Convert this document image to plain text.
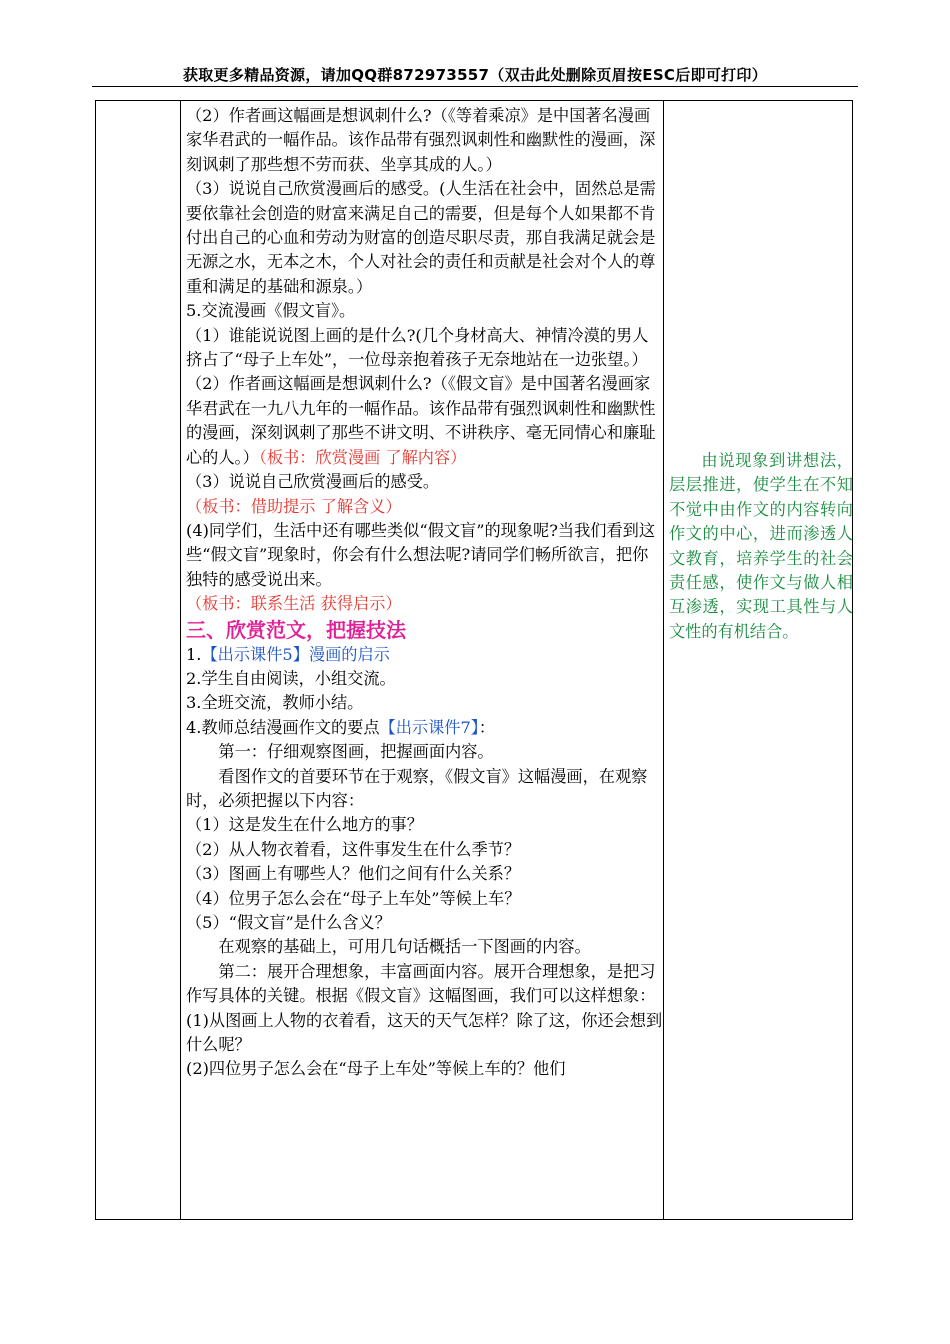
获取更多精品资源，请加QQ群872973557（双击此处删除页眉按ESC后即可打印）

（2）作者画这幅画是想讽刺什么?（《等着乘凉》是中国著名漫画家华君武的一幅作品。该作品带有强烈讽刺性和幽默性的漫画，深刻讽刺了那些想不劳而获、坐享其成的人。）

（3）说说自己欣赏漫画后的感受。(人生活在社会中，固然总是需要依靠社会创造的财富来满足自己的需要，但是每个人如果都不肯付出自己的心血和劳动为财富的创造尽职尽责，那自我满足就会是无源之水，无本之木，个人对社会的责任和贡献是社会对个人的尊重和满足的基础和源泉。）

5.交流漫画《假文盲》。

（1）谁能说说图上画的是什么?(几个身材高大、神情冷漠的男人挤占了“母子上车处”，一位母亲抱着孩子无奈地站在一边张望。）

（2）作者画这幅画是想讽刺什么?（《假文盲》是中国著名漫画家华君武在一九八九年的一幅作品。该作品带有强烈讽刺性和幽默性的漫画，深刻讽刺了那些不讲文明、不讲秩序、毫无同情心和廉耻心的人。）（板书：欣赏漫画 了解内容）

（3）说说自己欣赏漫画后的感受。

（板书：借助提示 了解含义）

(4)同学们，生活中还有哪些类似“假文盲”的现象呢?当我们看到这些“假文盲”现象时，你会有什么想法呢?请同学们畅所欲言，把你独特的感受说出来。

（板书：联系生活 获得启示）

三、欣赏范文，把握技法

1.【出示课件5】漫画的启示

2.学生自由阅读，小组交流。

3.全班交流，教师小结。

4.教师总结漫画作文的要点【出示课件7】：

第一：仔细观察图画，把握画面内容。

看图作文的首要环节在于观察，《假文盲》这幅漫画，在观察时，必须把握以下内容：

（1）这是发生在什么地方的事？

（2）从人物衣着看，这件事发生在什么季节？

（3）图画上有哪些人？他们之间有什么关系？

（4）位男子怎么会在“母子上车处”等候上车？

（5）“假文盲”是什么含义？

在观察的基础上，可用几句话概括一下图画的内容。

第二：展开合理想象，丰富画面内容。展开合理想象，是把习作写具体的关键。根据《假文盲》这幅图画，我们可以这样想象：

(1)从图画上人物的衣着看，这天的天气怎样？除了这，你还会想到什么呢？

(2)四位男子怎么会在“母子上车处”等候上车的？他们

由说现象到讲想法，层层推进，使学生在不知不觉中由作文的内容转向作文的中心，进而渗透人文教育，培养学生的社会责任感，使作文与做人相互渗透，实现工具性与人文性的有机结合。
